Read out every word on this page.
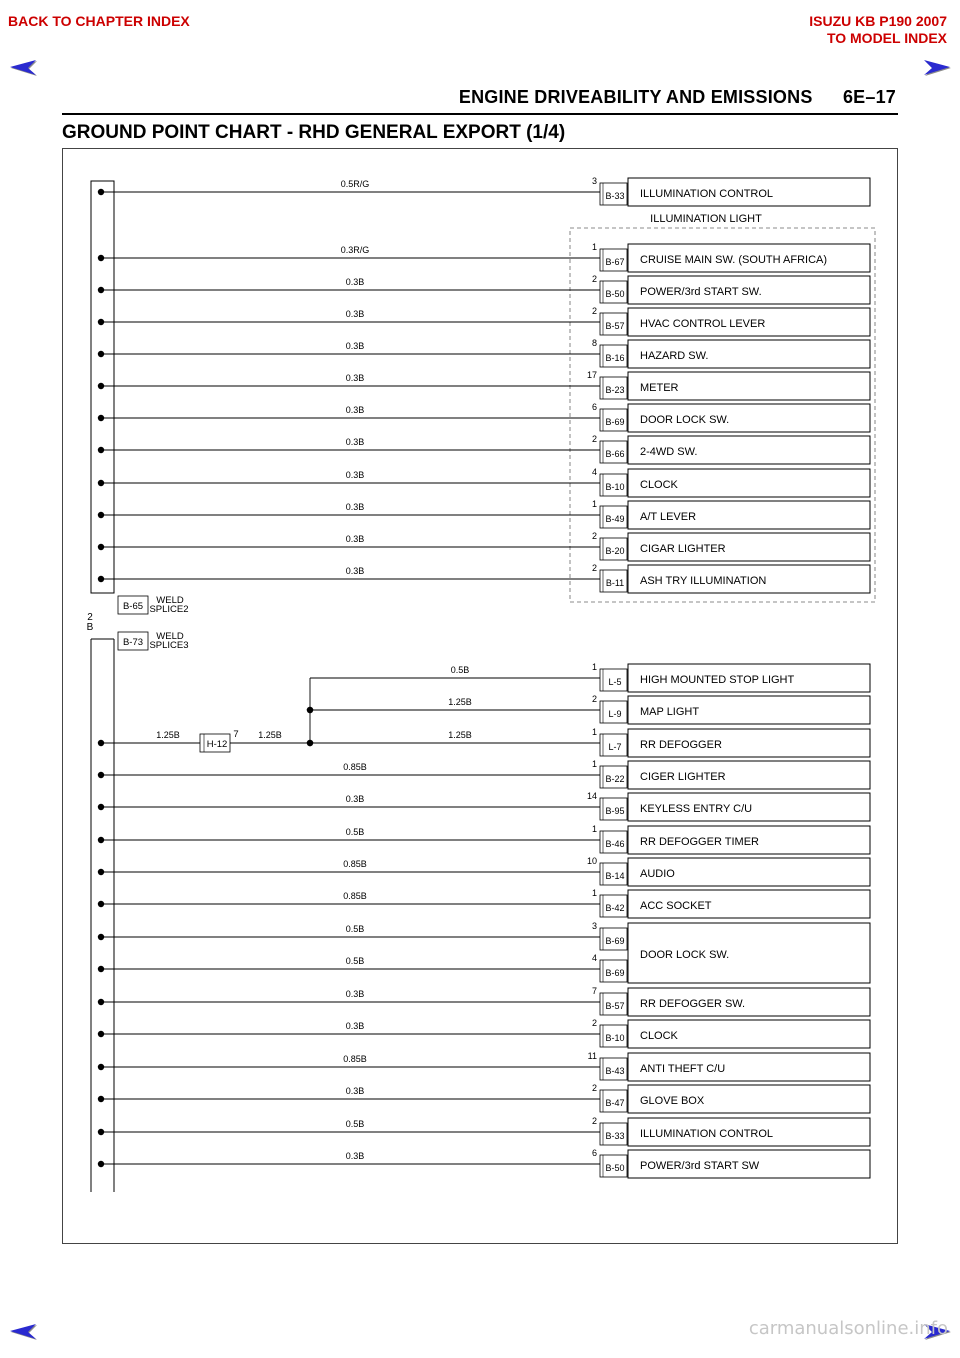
BACK TO CHAPTER INDEX	ISUZU KB P190 2007
TO MODEL INDEX
ENGINE DRIVEABILITY AND EMISSIONS 6E–17
GROUND POINT CHART - RHD GENERAL EXPORT (1/4)
B-65
WELD
SPLICE2
B-73
WELD
SPLICE3
2
B
ILLUMINATION LIGHT
0.5R/G	3
B-33 ILLUMINATION CONTROL
0.3R/G	1
B-67 CRUISE MAIN SW. (SOUTH AFRICA)
0.3B	2
B-50 POWER/3rd START SW.
0.3B	2
B-57 HVAC CONTROL LEVER
0.3B	8
B-16 HAZARD SW.
0.3B	17
B-23 METER
0.3B	6
B-69 DOOR LOCK SW.
0.3B	2
B-66 2-4WD SW.
0.3B	4
B-10 CLOCK
0.3B	1
B-49 A/T LEVER
0.3B	2
B-20 CIGAR LIGHTER
0.3B	2
B-11 ASH TRY ILLUMINATION
0.5B	1
L-5 HIGH MOUNTED STOP LIGHT
1.25B	2
L-9 MAP LIGHT
1.25B	1
L-7 RR DEFOGGER
H-12
7
1.25B	1.25B
0.85B	1
B-22 CIGER LIGHTER
0.3B	14
B-95 KEYLESS ENTRY C/U
0.5B	1
B-46 RR DEFOGGER TIMER
0.85B	10
B-14 AUDIO
0.85B	1
B-42 ACC SOCKET
0.5B	3
B-69
DOOR LOCK SW.
0.5B	4
B-69
0.3B	7
B-57 RR DEFOGGER SW.
0.3B	2
B-10 CLOCK
0.85B	11
B-43 ANTI THEFT C/U
0.3B	2
B-47 GLOVE BOX
0.5B	2
B-33 ILLUMINATION CONTROL
0.3B	6
B-50 POWER/3rd START SW
carmanualsonline.info
